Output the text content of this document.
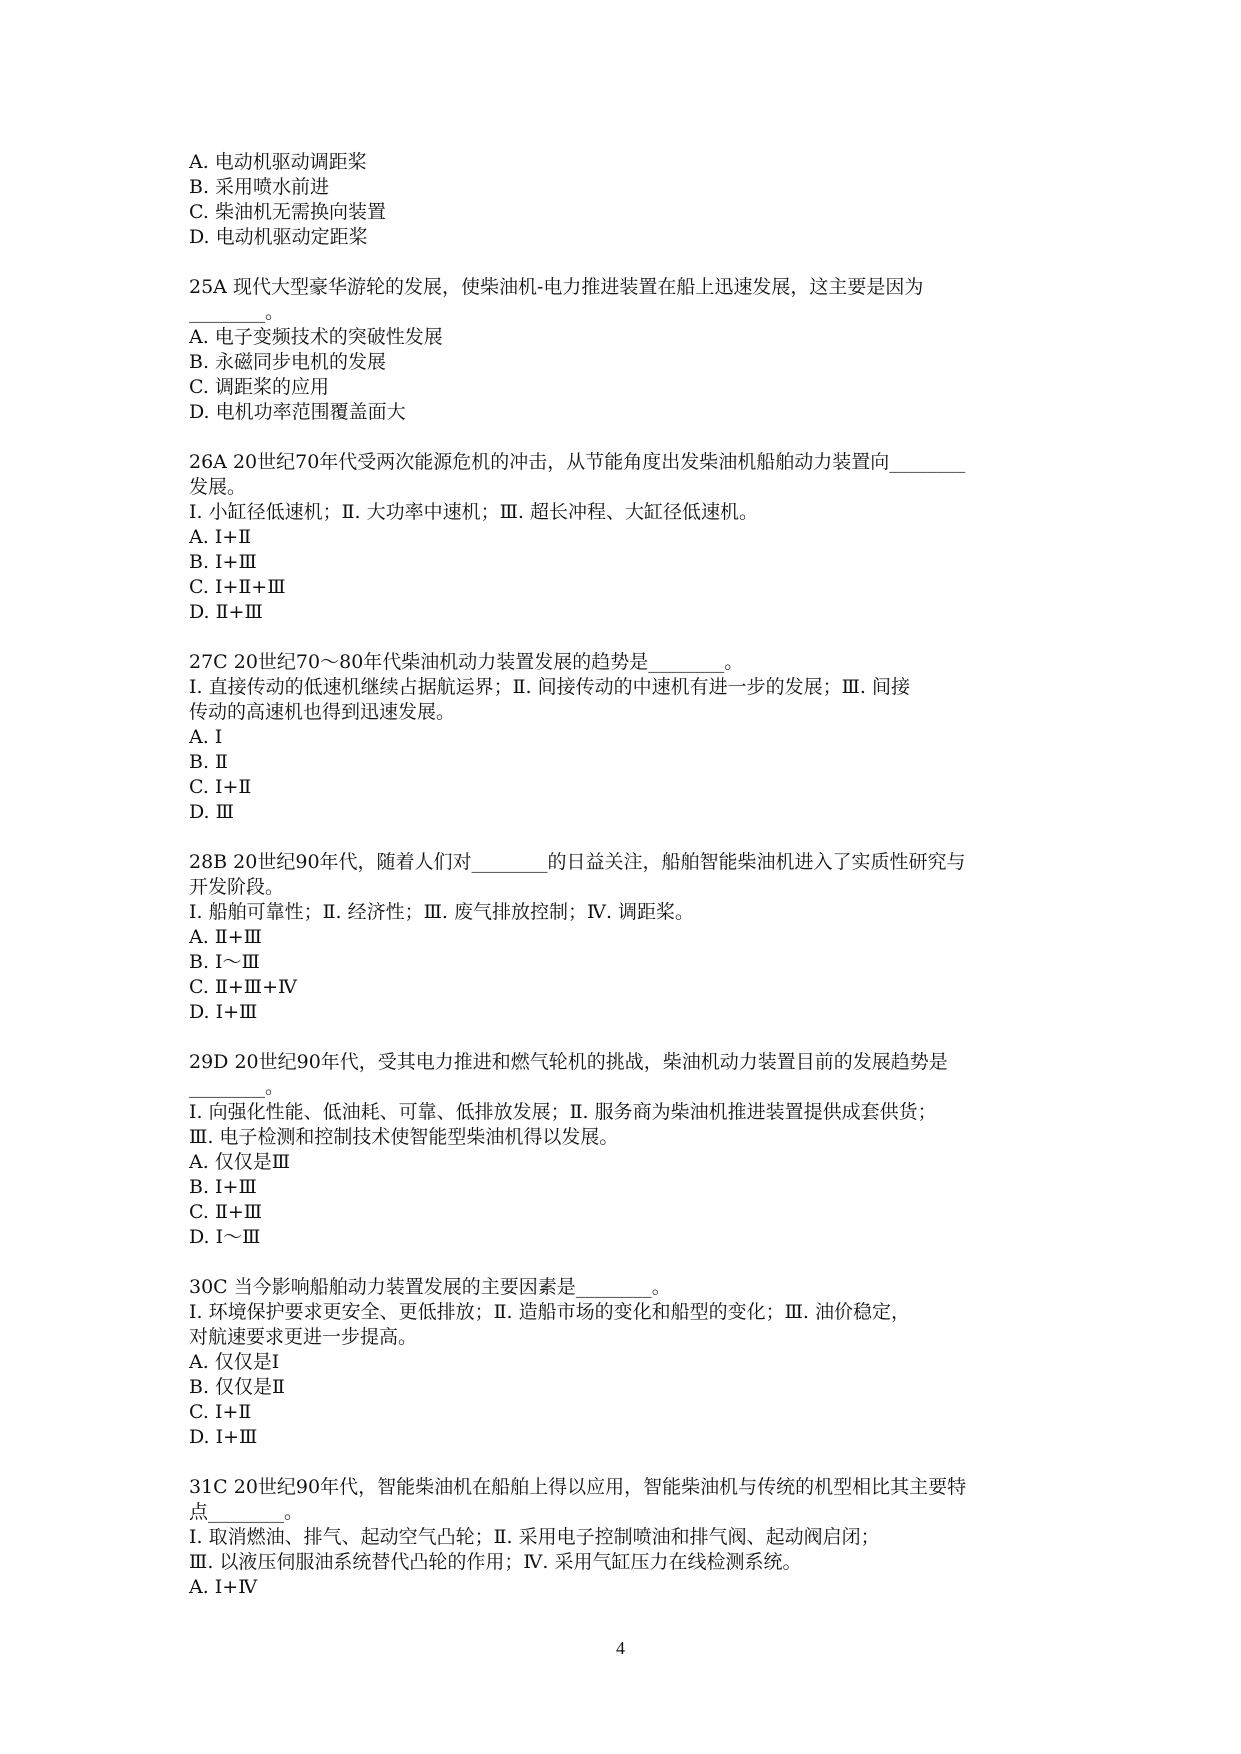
A. 电动机驱动调距桨
B. 采用喷水前进
C. 柴油机无需换向装置
D. 电动机驱动定距桨
25A 现代大型豪华游轮的发展，使柴油机-电力推进装置在船上迅速发展，这主要是因为
________。
A. 电子变频技术的突破性发展
B. 永磁同步电机的发展
C. 调距桨的应用
D. 电机功率范围覆盖面大
26A 20世纪70年代受两次能源危机的冲击，从节能角度出发柴油机船舶动力装置向________
发展。
Ⅰ. 小缸径低速机；Ⅱ. 大功率中速机；Ⅲ. 超长冲程、大缸径低速机。
A. Ⅰ+Ⅱ
B. Ⅰ+Ⅲ
C. Ⅰ+Ⅱ+Ⅲ
D. Ⅱ+Ⅲ
27C 20世纪70～80年代柴油机动力装置发展的趋势是________。
Ⅰ. 直接传动的低速机继续占据航运界；Ⅱ. 间接传动的中速机有进一步的发展；Ⅲ. 间接
传动的高速机也得到迅速发展。
A. Ⅰ
B. Ⅱ
C. Ⅰ+Ⅱ
D. Ⅲ
28B 20世纪90年代，随着人们对________的日益关注，船舶智能柴油机进入了实质性研究与
开发阶段。
Ⅰ. 船舶可靠性；Ⅱ. 经济性；Ⅲ. 废气排放控制；Ⅳ. 调距桨。
A. Ⅱ+Ⅲ
B. Ⅰ～Ⅲ
C. Ⅱ+Ⅲ+Ⅳ
D. Ⅰ+Ⅲ
29D 20世纪90年代，受其电力推进和燃气轮机的挑战，柴油机动力装置目前的发展趋势是
________。
Ⅰ. 向强化性能、低油耗、可靠、低排放发展；Ⅱ. 服务商为柴油机推进装置提供成套供货；
Ⅲ. 电子检测和控制技术使智能型柴油机得以发展。
A. 仅仅是Ⅲ
B. Ⅰ+Ⅲ
C. Ⅱ+Ⅲ
D. Ⅰ～Ⅲ
30C 当今影响船舶动力装置发展的主要因素是________。
Ⅰ. 环境保护要求更安全、更低排放；Ⅱ. 造船市场的变化和船型的变化；Ⅲ. 油价稳定，
对航速要求更进一步提高。
A. 仅仅是Ⅰ
B. 仅仅是Ⅱ
C. Ⅰ+Ⅱ
D. Ⅰ+Ⅲ
31C 20世纪90年代，智能柴油机在船舶上得以应用，智能柴油机与传统的机型相比其主要特
点________。
Ⅰ. 取消燃油、排气、起动空气凸轮；Ⅱ. 采用电子控制喷油和排气阀、起动阀启闭；
Ⅲ. 以液压伺服油系统替代凸轮的作用；Ⅳ. 采用气缸压力在线检测系统。
A. Ⅰ+Ⅳ
4
